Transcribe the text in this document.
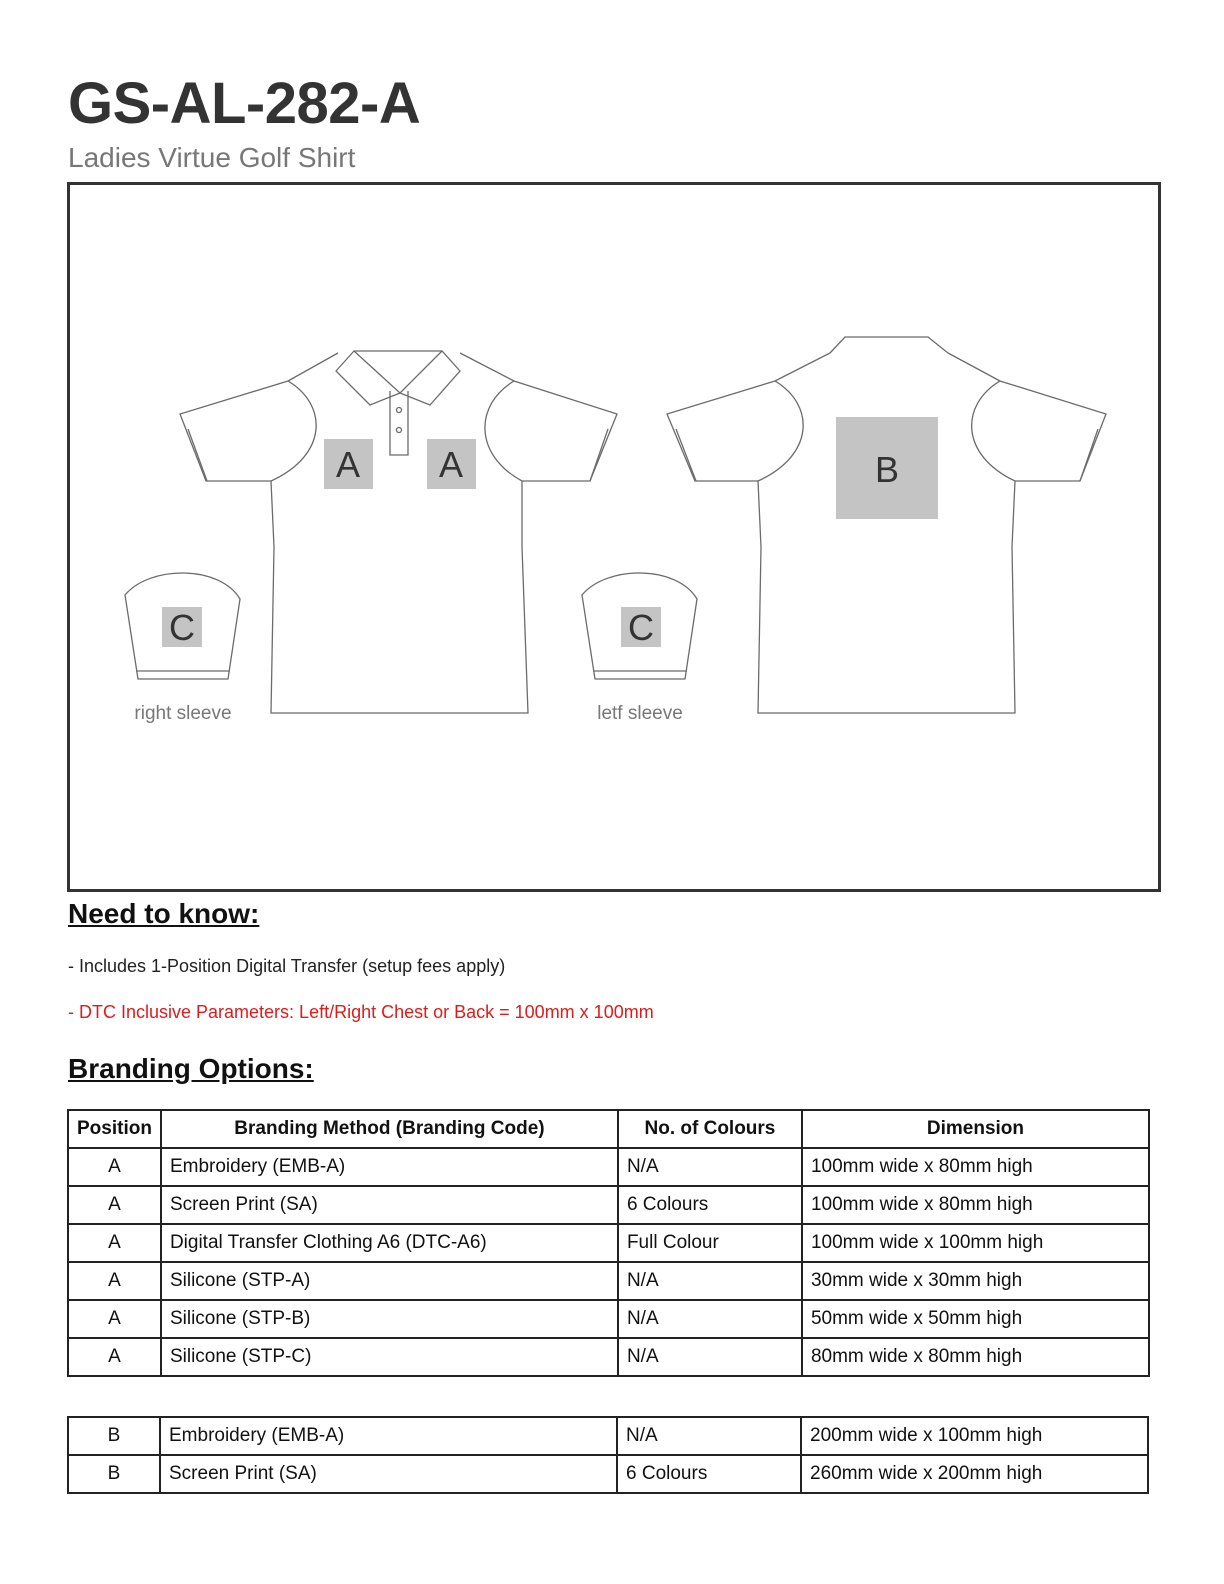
GS-AL-282-A
Ladies Virtue Golf Shirt
A A	B
C	C
right sleeve	letf sleeve
Need to know:
- Includes 1-Position Digital Transfer (setup fees apply)
- DTC Inclusive Parameters: Left/Right Chest or Back = 100mm x 100mm
Branding Options:
Position	Branding Method (Branding Code)	No. of Colours	Dimension
A	Embroidery (EMB-A)	N/A	100mm wide x 80mm high
A	Screen Print (SA)	6 Colours	100mm wide x 80mm high
A	Digital Transfer Clothing A6 (DTC-A6)	Full Colour	100mm wide x 100mm high
A	Silicone (STP-A)	N/A	30mm wide x 30mm high
A	Silicone (STP-B)	N/A	50mm wide x 50mm high
A	Silicone (STP-C)	N/A	80mm wide x 80mm high
B	Embroidery (EMB-A)	N/A	200mm wide x 100mm high
B	Screen Print (SA)	6 Colours	260mm wide x 200mm high
